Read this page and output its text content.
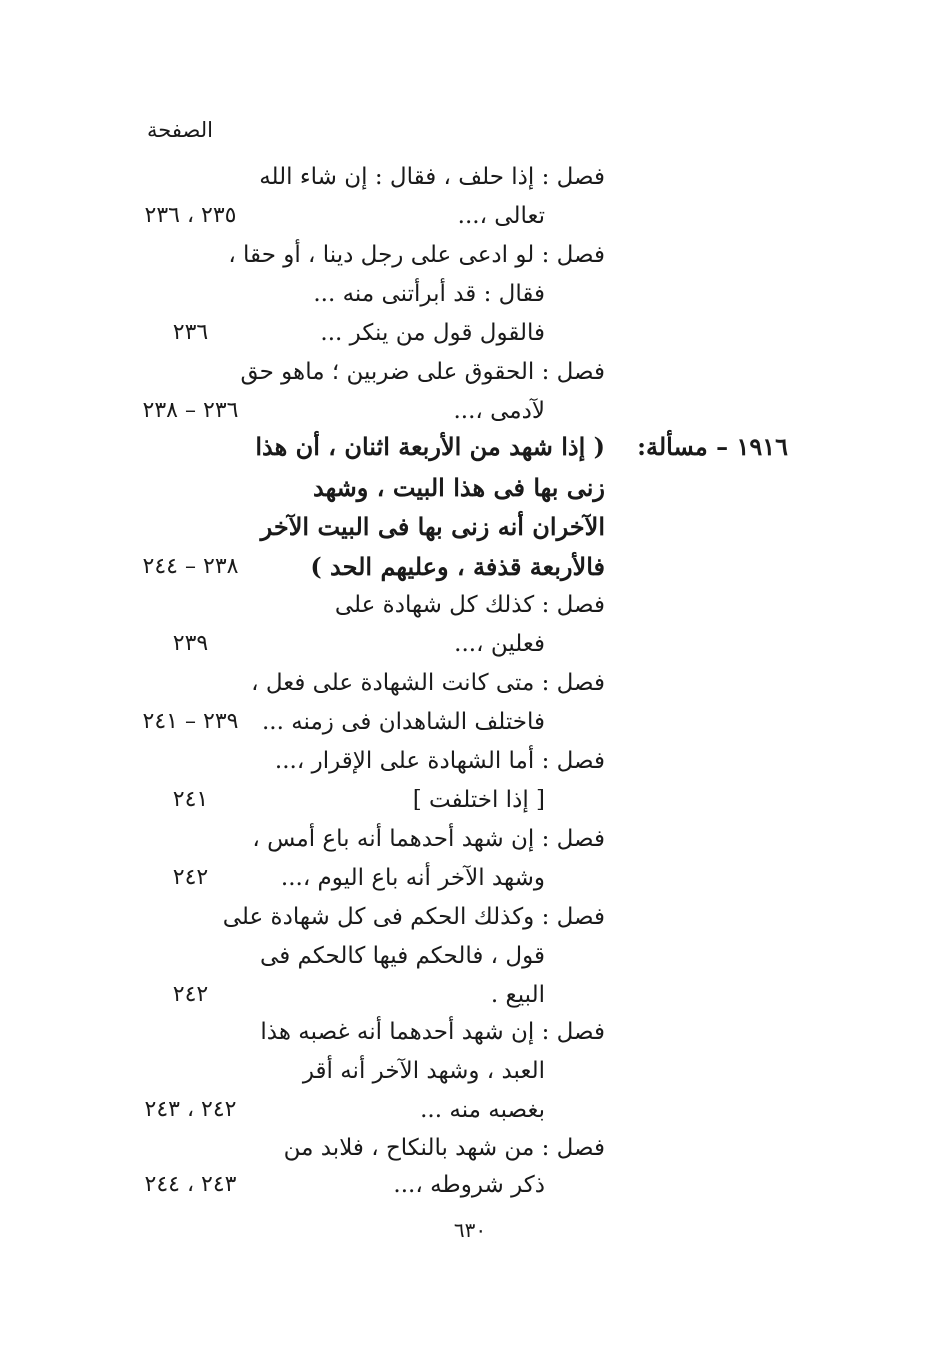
الصفحة
فصل : إذا حلف ، فقال : إن شاء الله
تعالى ،...
٢٣٥ ، ٢٣٦
فصل : لو ادعى على رجل دينا ، أو حقا ،
فقال : قد أبرأتنى منه ...
فالقول قول من ينكر ...
٢٣٦
فصل : الحقوق على ضربين ؛ ماهو حق
لآدمى ،...
٢٣٦ – ٢٣٨
١٩١٦ – مسألة:
( إذا شهد من الأربعة اثنان ، أن هذا
زنى بها فى هذا البيت ، وشهد
الآخران أنه زنى بها فى البيت الآخر
فالأربعة قذفة ، وعليهم الحد )
٢٣٨ – ٢٤٤
فصل : كذلك كل شهادة على
فعلين ،...
٢٣٩
فصل : متى كانت الشهادة على فعل ،
فاختلف الشاهدان فى زمنه ...
٢٣٩ – ٢٤١
فصل : أما الشهادة على الإقرار ،...
[ إذا اختلفت ]
٢٤١
فصل : إن شهد أحدهما أنه باع أمس ،
وشهد الآخر أنه باع اليوم ،...
٢٤٢
فصل : وكذلك الحكم فى كل شهادة على
قول ، فالحكم فيها كالحكم فى
البيع .
٢٤٢
فصل : إن شهد أحدهما أنه غصبه هذا
العبد ، وشهد الآخر أنه أقر
بغصبه منه ...
٢٤٢ ، ٢٤٣
فصل : من شهد بالنكاح ، فلابد من
ذكر شروطه ،...
٢٤٣ ، ٢٤٤
٦٣٠
